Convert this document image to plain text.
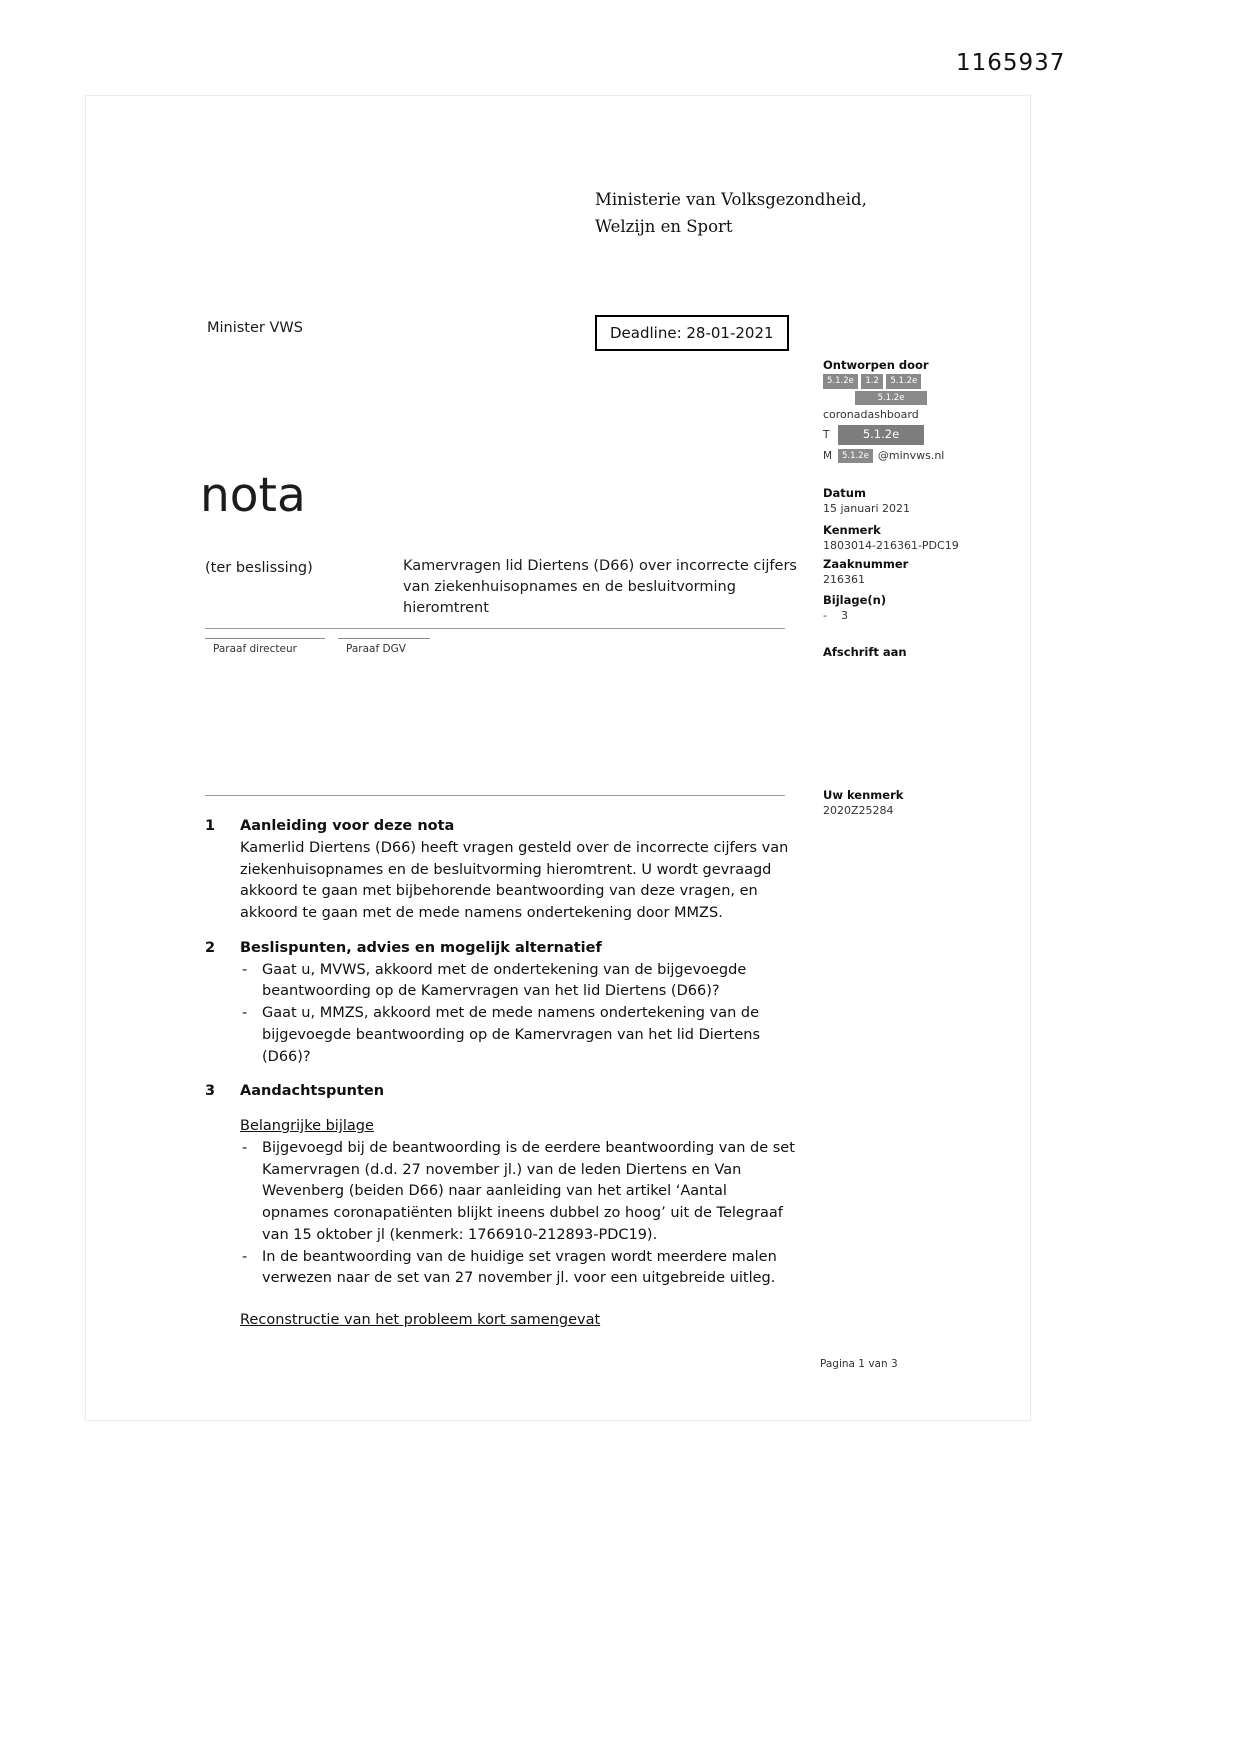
1165937
Ministerie van Volksgezondheid,
Welzijn en Sport
Minister VWS	Deadline: 28-01-2021
Ontworpen door
5.1.2e 1.2 5.1.2e
5.1.2e
coronadashboard
T	5.1.2e
M	5.1.2e @minvws.nl
Datum
15 januari 2021
Kenmerk
1803014-216361-PDC19
Zaaknummer
216361
Bijlage(n)
-    3
Afschrift aan
Uw kenmerk
2020Z25284
nota
(ter beslissing)	Kamervragen lid Diertens (D66) over incorrecte cijfers van ziekenhuisopnames en de besluitvorming hieromtrent
Paraaf directeur	Paraaf DGV
1	Aanleiding voor deze nota
Kamerlid Diertens (D66) heeft vragen gesteld over de incorrecte cijfers van ziekenhuisopnames en de besluitvorming hieromtrent. U wordt gevraagd akkoord te gaan met bijbehorende beantwoording van deze vragen, en akkoord te gaan met de mede namens ondertekening door MMZS.
2	Beslispunten, advies en mogelijk alternatief
- Gaat u, MVWS, akkoord met de ondertekening van de bijgevoegde beantwoording op de Kamervragen van het lid Diertens (D66)?
- Gaat u, MMZS, akkoord met de mede namens ondertekening van de bijgevoegde beantwoording op de Kamervragen van het lid Diertens (D66)?
3	Aandachtspunten
Belangrijke bijlage
- Bijgevoegd bij de beantwoording is de eerdere beantwoording van de set Kamervragen (d.d. 27 november jl.) van de leden Diertens en Van Wevenberg (beiden D66) naar aanleiding van het artikel ‘Aantal opnames coronapatiënten blijkt ineens dubbel zo hoog’ uit de Telegraaf van 15 oktober jl (kenmerk: 1766910-212893-PDC19).
- In de beantwoording van de huidige set vragen wordt meerdere malen verwezen naar de set van 27 november jl. voor een uitgebreide uitleg.
Reconstructie van het probleem kort samengevat
Pagina 1 van 3
